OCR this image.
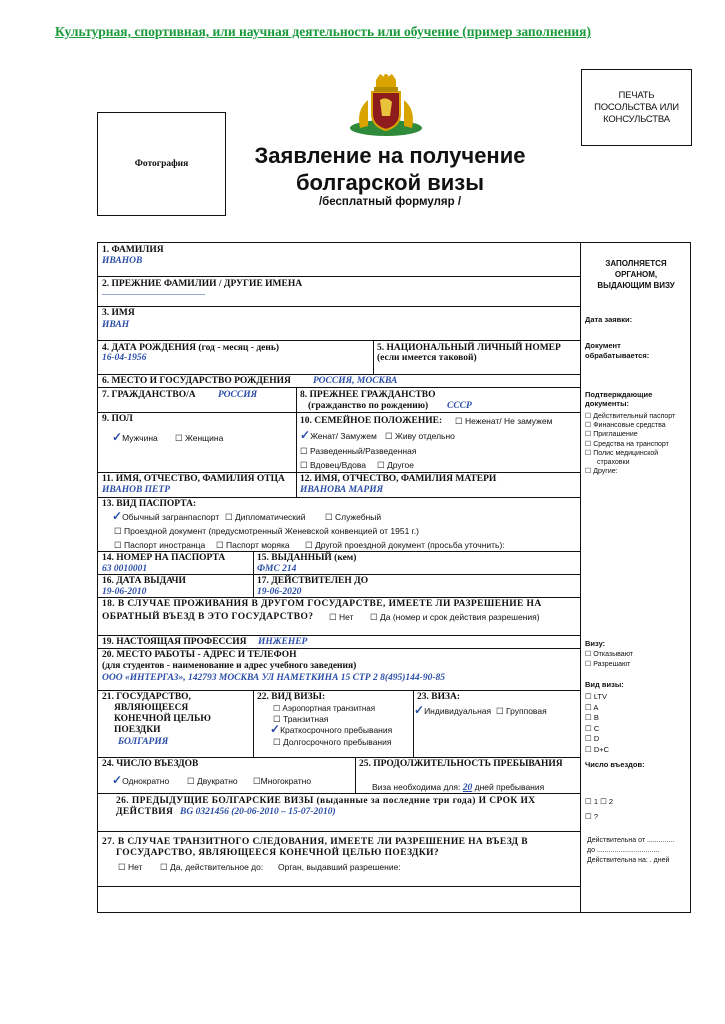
Культурная, спортивная, или научная деятельность или обучение (пример заполнения)
Фотография
ПЕЧАТЬ
ПОСОЛЬСТВА ИЛИ
КОНСУЛЬСТВА
Заявление на получение
болгарской визы
/бесплатный формуляр /
1. ФАМИЛИЯ
ИВАНОВ
2. ПРЕЖНИЕ ФАМИЛИИ / ДРУГИЕ ИМЕНА
————————————
3. ИМЯ
ИВАН
4. ДАТА РОЖДЕНИЯ (год - месяц - день)
16-04-1956
5. НАЦИОНАЛЬНЫЙ ЛИЧНЫЙ НОМЕР
(если имеется таковой)
6. МЕСТО И ГОСУДАРСТВО РОЖДЕНИЯ РОССИЯ, МОСКВА
7. ГРАЖДАНСТВО/А РОССИЯ	8. ПРЕЖНЕЕ ГРАЖДАНСТВО
(гражданство по рождению) СССР
9. ПОЛ
✓Мужчина ☐ Женщина
10. СЕМЕЙНОЕ ПОЛОЖЕНИЕ: ☐ Неженат/ Не замужем
✓Женат/ Замужем ☐ Живу отдельно
☐ Разведенный/Разведенная
☐ Вдовец/Вдова ☐ Другое
11. ИМЯ, ОТЧЕСТВО, ФАМИЛИЯ ОТЦА
ИВАНОВ ПЕТР
12. ИМЯ, ОТЧЕСТВО, ФАМИЛИЯ МАТЕРИ
ИВАНОВА МАРИЯ
13. ВИД ПАСПОРТА:
✓Обычный загранпаспорт ☐ Дипломатический ☐ Служебный
☐ Проездной документ (предусмотренный Женевской конвенцией от 1951 г.)
☐ Паспорт иностранца ☐ Паспорт моряка ☐ Другой проездной документ (просьба уточнить):
14. НОМЕР НА ПАСПОРТА
63 0010001
15. ВЫДАННЫЙ (кем)
ФМС 214
16. ДАТА ВЫДАЧИ
19-06-2010
17. ДЕЙСТВИТЕЛЕН ДО
19-06-2020
18. В СЛУЧАЕ ПРОЖИВАНИЯ В ДРУГОМ ГОСУДАРСТВЕ, ИМЕЕТЕ ЛИ РАЗРЕШЕНИЕ НА
ОБРАТНЫЙ ВЪЕЗД В ЭТО ГОСУДАРСТВО? ☐ Нет ☐ Да (номер и срок действия разрешения)
19. НАСТОЯЩАЯ ПРОФЕССИЯ ИНЖЕНЕР
20. МЕСТО РАБОТЫ - АДРЕС И ТЕЛЕФОН
(для студентов - наименование и адрес учебного заведения)
ООО «ИНТЕРГАЗ», 142793 МОСКВА УЛ НАМЕТКИНА 15 СТР 2 8(495)144-90-85
21. ГОСУДАРСТВО,
ЯВЛЯЮЩЕЕСЯ
КОНЕЧНОЙ ЦЕЛЬЮ
ПОЕЗДКИ
БОЛГАРИЯ
22. ВИД ВИЗЫ:
☐ Аэропортная транзитная
☐ Транзитная
✓Краткосрочного пребывания
☐ Долгосрочного пребывания
23. ВИЗА:
✓Индивидуальная ☐ Групповая
24. ЧИСЛО ВЪЕЗДОВ
✓Однократно ☐ Двукратно ☐Многократно
25. ПРОДОЛЖИТЕЛЬНОСТЬ ПРЕБЫВАНИЯ
Виза необходима для: 20 дней пребывания
26. ПРЕДЫДУЩИЕ БОЛГАРСКИЕ ВИЗЫ (выданные за последние три года) И СРОК ИХ
ДЕЙСТВИЯ BG 0321456 (20-06-2010 – 15-07-2010)
27. В СЛУЧАЕ ТРАНЗИТНОГО СЛЕДОВАНИЯ, ИМЕЕТЕ ЛИ РАЗРЕШЕНИЕ НА ВЪЕЗД В
ГОСУДАРСТВО, ЯВЛЯЮЩЕЕСЯ КОНЕЧНОЙ ЦЕЛЬЮ ПОЕЗДКИ?
☐ Нет ☐ Да, действительное до: Орган, выдавший разрешение:
ЗАПОЛНЯЕТСЯ
ОРГАНОМ,
ВЫДАЮЩИМ ВИЗУ
Дата заявки:
Документ
обрабатывается:
Подтверждающие
документы:
☐ Действительный паспорт
☐ Финансовые средства
☐ Приглашение
☐ Средства на транспорт
☐ Полис медицинской
страховки
☐ Другие:
Визу:
☐ Отказывают
☐ Разрешают
Вид визы:
☐ LTV
☐ A
☐ B
☐ C
☐ D
☐ D+C
Число въездов:
☐ 1 ☐ 2
☐ ?
Действительна от ..............
до ................................
Действительна на: . дней
